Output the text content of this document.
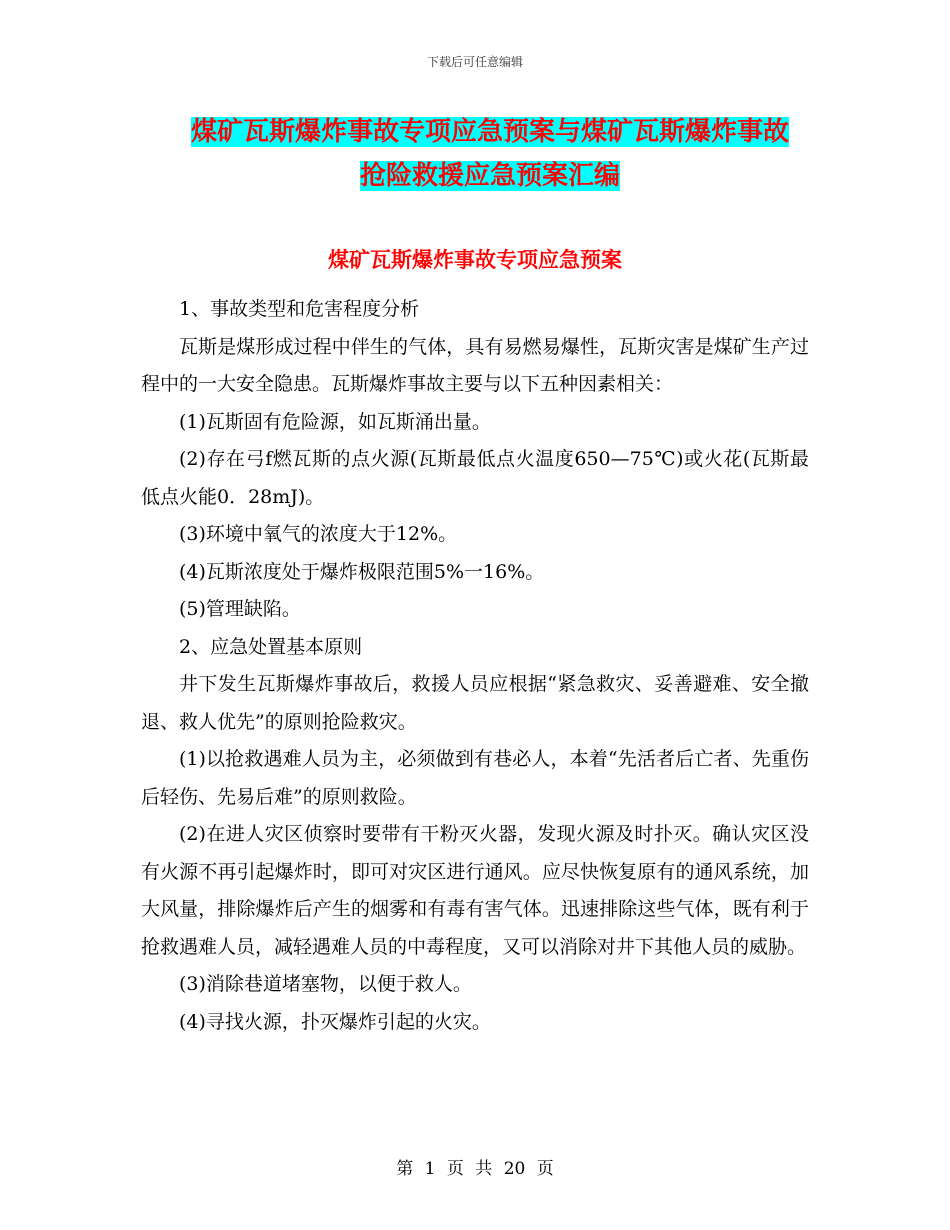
下载后可任意编辑
煤矿瓦斯爆炸事故专项应急预案与煤矿瓦斯爆炸事故
抢险救援应急预案汇编
煤矿瓦斯爆炸事故专项应急预案

1、事故类型和危害程度分析

瓦斯是煤形成过程中伴生的气体，具有易燃易爆性，瓦斯灾害是煤矿生产过程中的一大安全隐患。瓦斯爆炸事故主要与以下五种因素相关：

(1)瓦斯固有危险源，如瓦斯涌出量。

(2)存在弓f燃瓦斯的点火源(瓦斯最低点火温度650—75℃)或火花(瓦斯最低点火能0．28mJ)。

(3)环境中氧气的浓度大于12%。

(4)瓦斯浓度处于爆炸极限范围5%一16%。

(5)管理缺陷。

2、应急处置基本原则

井下发生瓦斯爆炸事故后，救援人员应根据“紧急救灾、妥善避难、安全撤退、救人优先”的原则抢险救灾。

(1)以抢救遇难人员为主，必须做到有巷必人，本着“先活者后亡者、先重伤后轻伤、先易后难”的原则救险。

(2)在进人灾区侦察时要带有干粉灭火器，发现火源及时扑灭。确认灾区没有火源不再引起爆炸时，即可对灾区进行通风。应尽快恢复原有的通风系统，加大风量，排除爆炸后产生的烟雾和有毒有害气体。迅速排除这些气体，既有利于抢救遇难人员，减轻遇难人员的中毒程度，又可以消除对井下其他人员的威胁。

(3)消除巷道堵塞物，以便于救人。

(4)寻找火源，扑灭爆炸引起的火灾。

第 1 页 共 20 页
